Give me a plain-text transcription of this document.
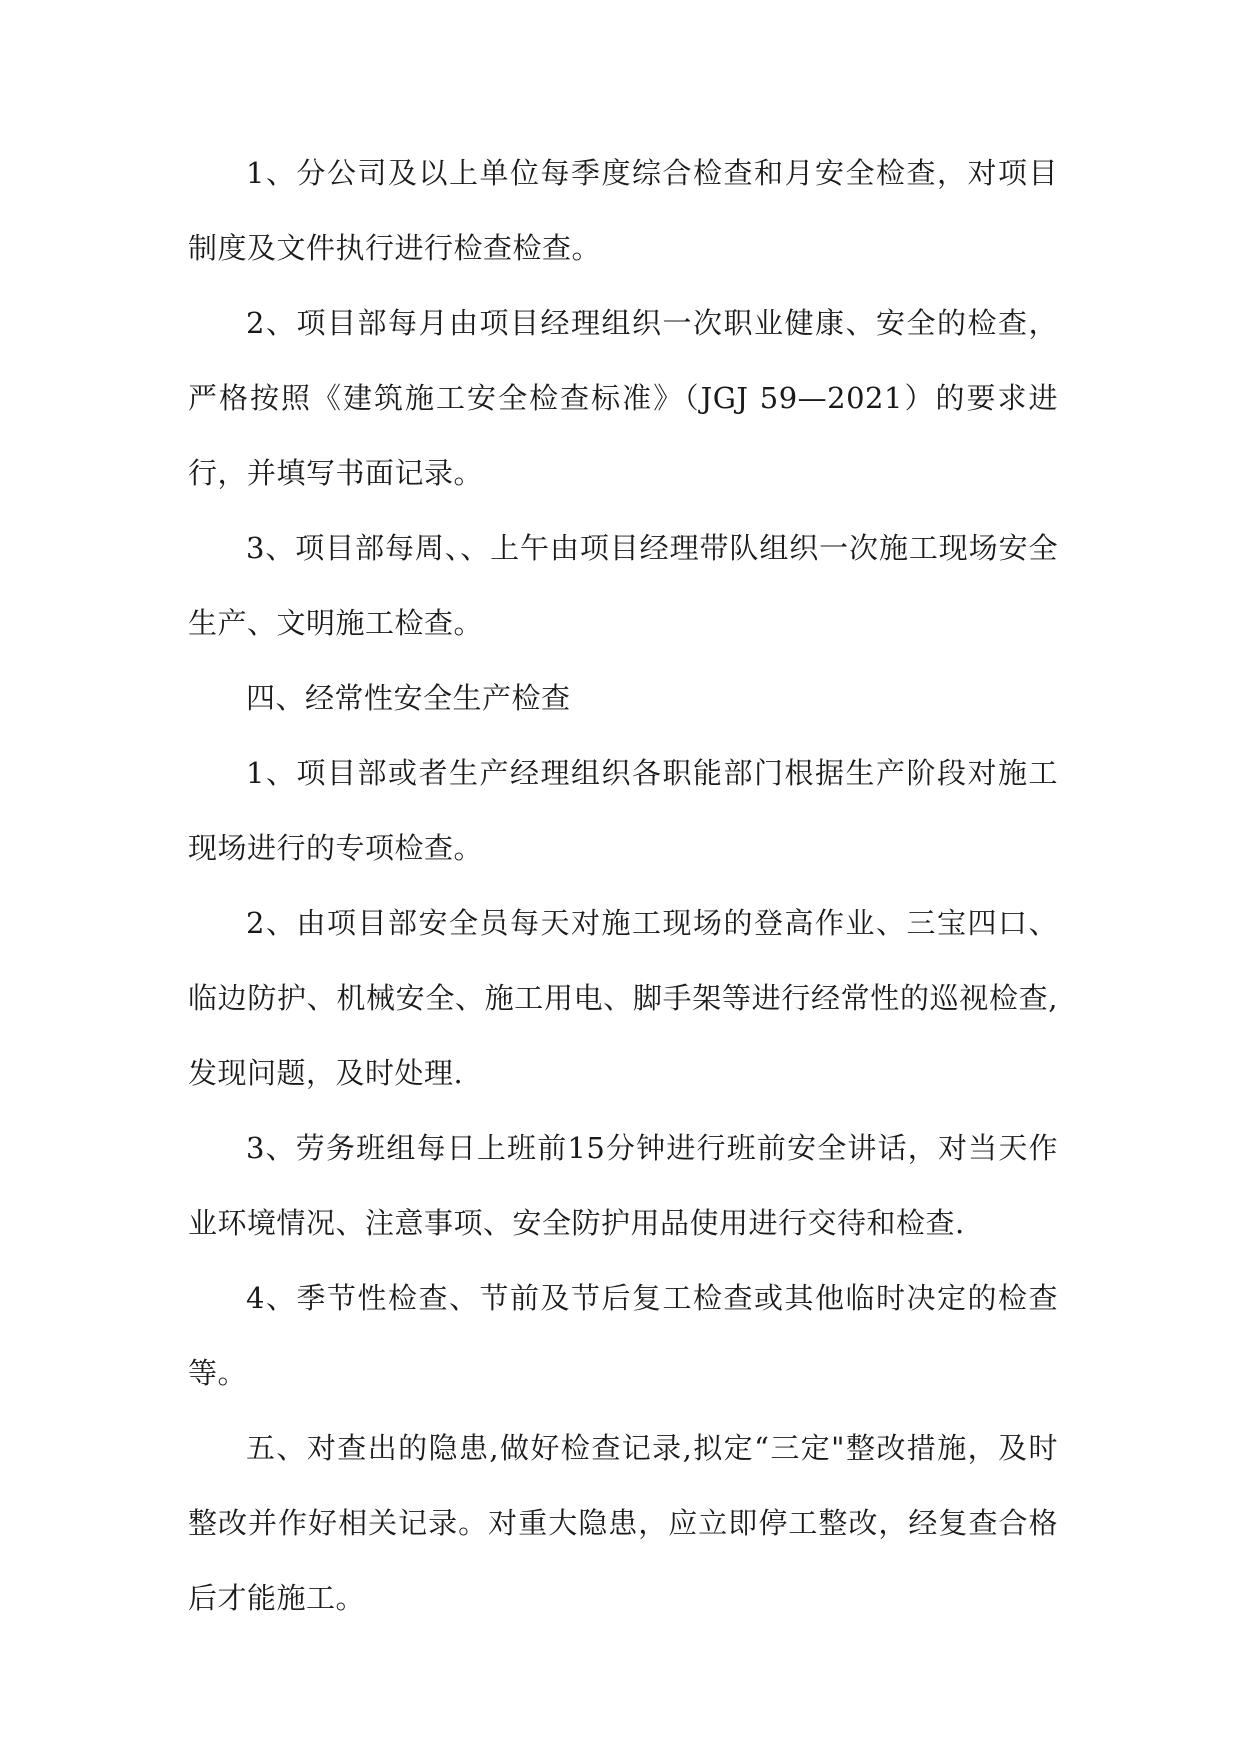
1、分公司及以上单位每季度综合检查和月安全检查，对项目制度及文件执行进行检查检查。

2、项目部每月由项目经理组织一次职业健康、安全的检查，严格按照《建筑施工安全检查标准》（JGJ 59—2021）的要求进行，并填写书面记录。

3、项目部每周、、上午由项目经理带队组织一次施工现场安全生产、文明施工检查。

四、经常性安全生产检查

1、项目部或者生产经理组织各职能部门根据生产阶段对施工现场进行的专项检查。

2、由项目部安全员每天对施工现场的登高作业、三宝四口、临边防护、机械安全、施工用电、脚手架等进行经常性的巡视检查,发现问题，及时处理.

3、劳务班组每日上班前15分钟进行班前安全讲话，对当天作业环境情况、注意事项、安全防护用品使用进行交待和检查.

4、季节性检查、节前及节后复工检查或其他临时决定的检查等。

五、对查出的隐患,做好检查记录,拟定“三定"整改措施，及时整改并作好相关记录。对重大隐患，应立即停工整改，经复查合格后才能施工。
